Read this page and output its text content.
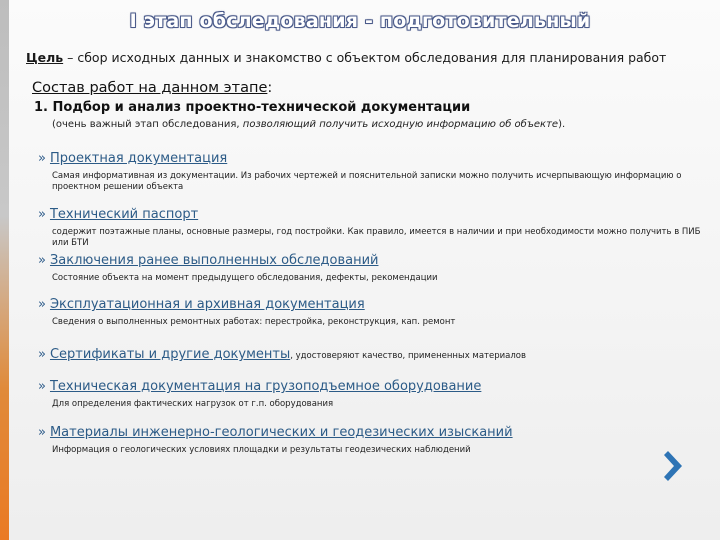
I этап обследования - подготовительный
Цель – сбор исходных данных и знакомство с объектом обследования для планирования работ
Состав работ на данном этапе:
1. Подбор и анализ проектно-технической документации
(очень важный этап обследования, позволяющий получить исходную информацию об объекте).
» Проектная документация
Самая информативная из документации. Из рабочих чертежей и пояснительной записки можно получить исчерпывающую информацию о проектном решении объекта
» Технический паспорт
содержит поэтажные планы, основные размеры, год постройки. Как правило, имеется в наличии и при необходимости можно получить в ПИБ или БТИ
» Заключения ранее выполненных обследований
Состояние объекта на момент предыдущего обследования, дефекты, рекомендации
» Эксплуатационная и архивная документация
Сведения о выполненных ремонтных работах: перестройка, реконструкция, кап. ремонт
» Сертификаты и другие документы, удостоверяют качество, примененных материалов
» Техническая документация на грузоподъемное оборудование
Для определения фактических нагрузок от г.п. оборудования
» Материалы инженерно-геологических и геодезических изысканий
Информация о геологических условиях площадки и результаты геодезических наблюдений
